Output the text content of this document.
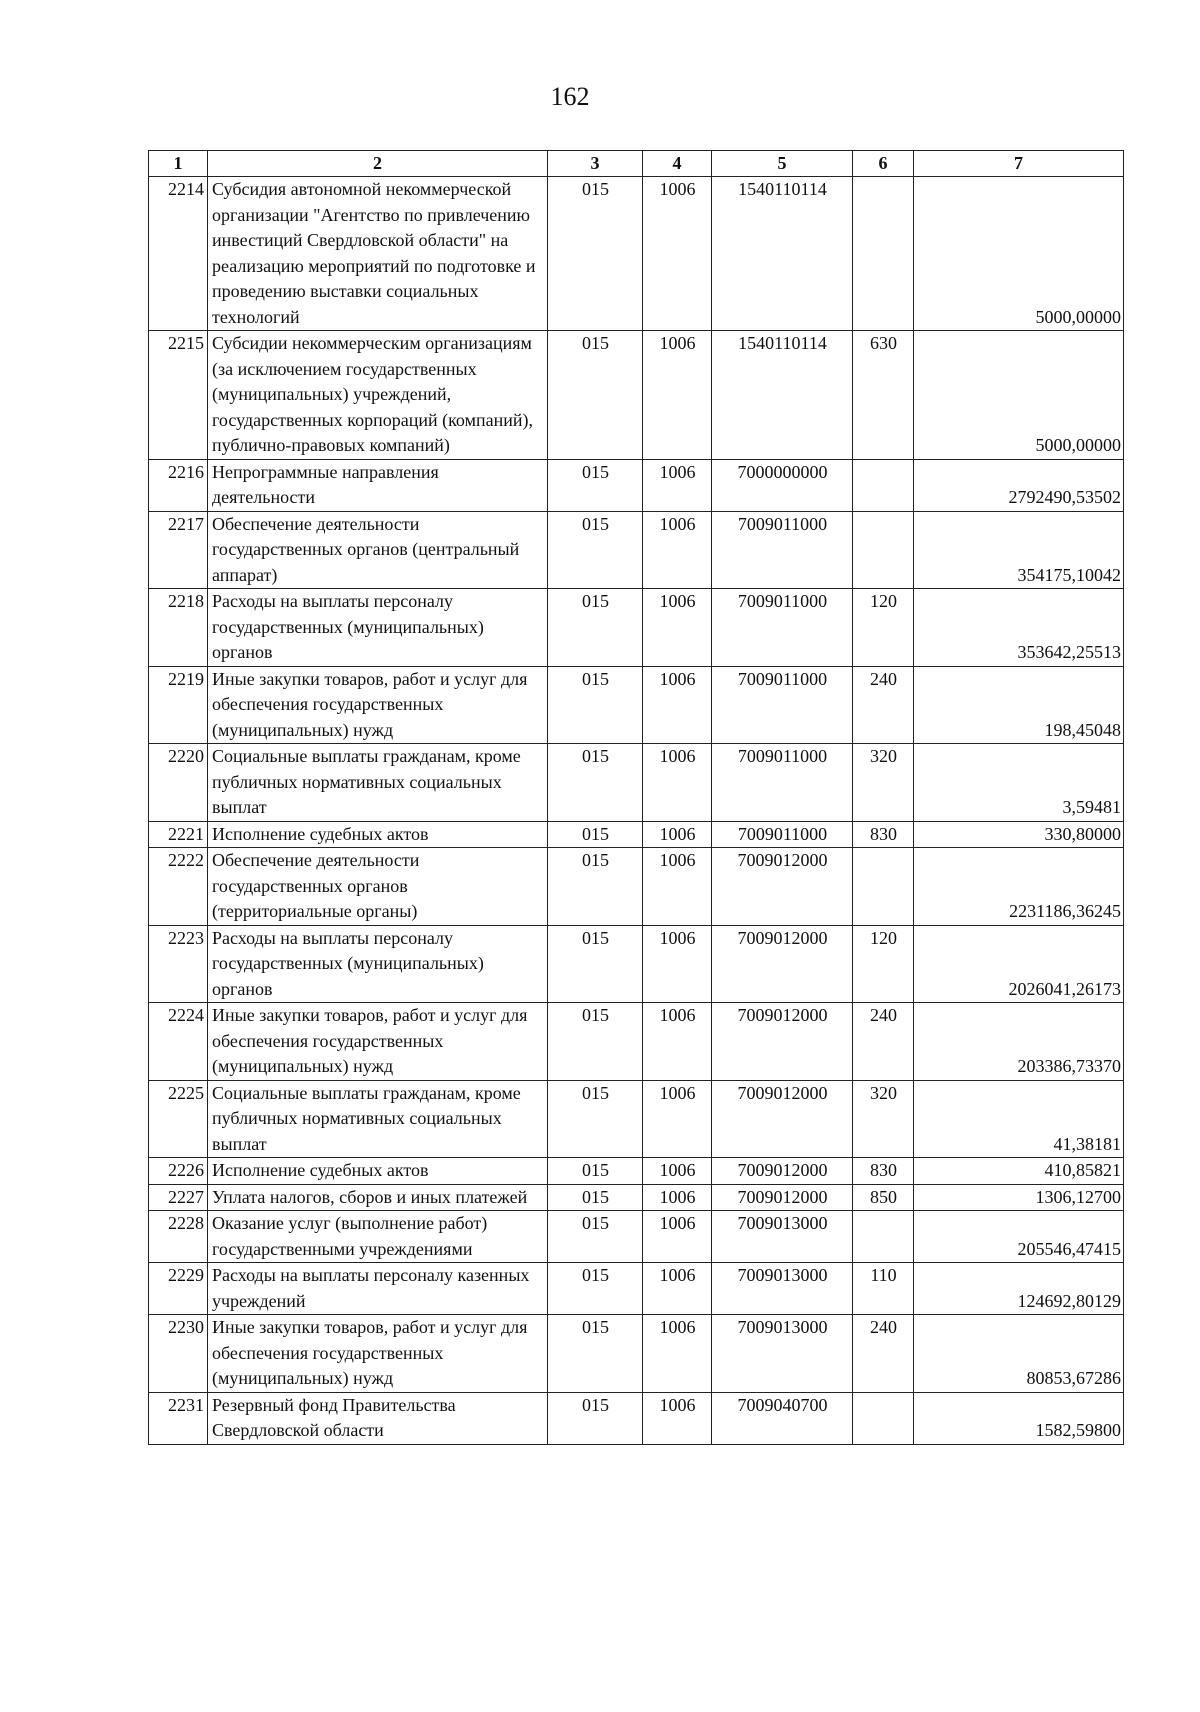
162
1	2	3	4	5	6	7
2214	Субсидия автономной некоммерческой организации "Агентство по привлечению инвестиций Свердловской области" на реализацию мероприятий по подготовке и проведению выставки социальных технологий	015	1006	1540110114		5000,00000
2215	Субсидии некоммерческим организациям (за исключением государственных (муниципальных) учреждений, государственных корпораций (компаний), публично-правовых компаний)	015	1006	1540110114	630	5000,00000
2216	Непрограммные направления деятельности	015	1006	7000000000		2792490,53502
2217	Обеспечение деятельности государственных органов (центральный аппарат)	015	1006	7009011000		354175,10042
2218	Расходы на выплаты персоналу государственных (муниципальных) органов	015	1006	7009011000	120	353642,25513
2219	Иные закупки товаров, работ и услуг для обеспечения государственных (муниципальных) нужд	015	1006	7009011000	240	198,45048
2220	Социальные выплаты гражданам, кроме публичных нормативных социальных выплат	015	1006	7009011000	320	3,59481
2221	Исполнение судебных актов	015	1006	7009011000	830	330,80000
2222	Обеспечение деятельности государственных органов (территориальные органы)	015	1006	7009012000		2231186,36245
2223	Расходы на выплаты персоналу государственных (муниципальных) органов	015	1006	7009012000	120	2026041,26173
2224	Иные закупки товаров, работ и услуг для обеспечения государственных (муниципальных) нужд	015	1006	7009012000	240	203386,73370
2225	Социальные выплаты гражданам, кроме публичных нормативных социальных выплат	015	1006	7009012000	320	41,38181
2226	Исполнение судебных актов	015	1006	7009012000	830	410,85821
2227	Уплата налогов, сборов и иных платежей	015	1006	7009012000	850	1306,12700
2228	Оказание услуг (выполнение работ) государственными учреждениями	015	1006	7009013000		205546,47415
2229	Расходы на выплаты персоналу казенных учреждений	015	1006	7009013000	110	124692,80129
2230	Иные закупки товаров, работ и услуг для обеспечения государственных (муниципальных) нужд	015	1006	7009013000	240	80853,67286
2231	Резервный фонд Правительства Свердловской области	015	1006	7009040700		1582,59800
